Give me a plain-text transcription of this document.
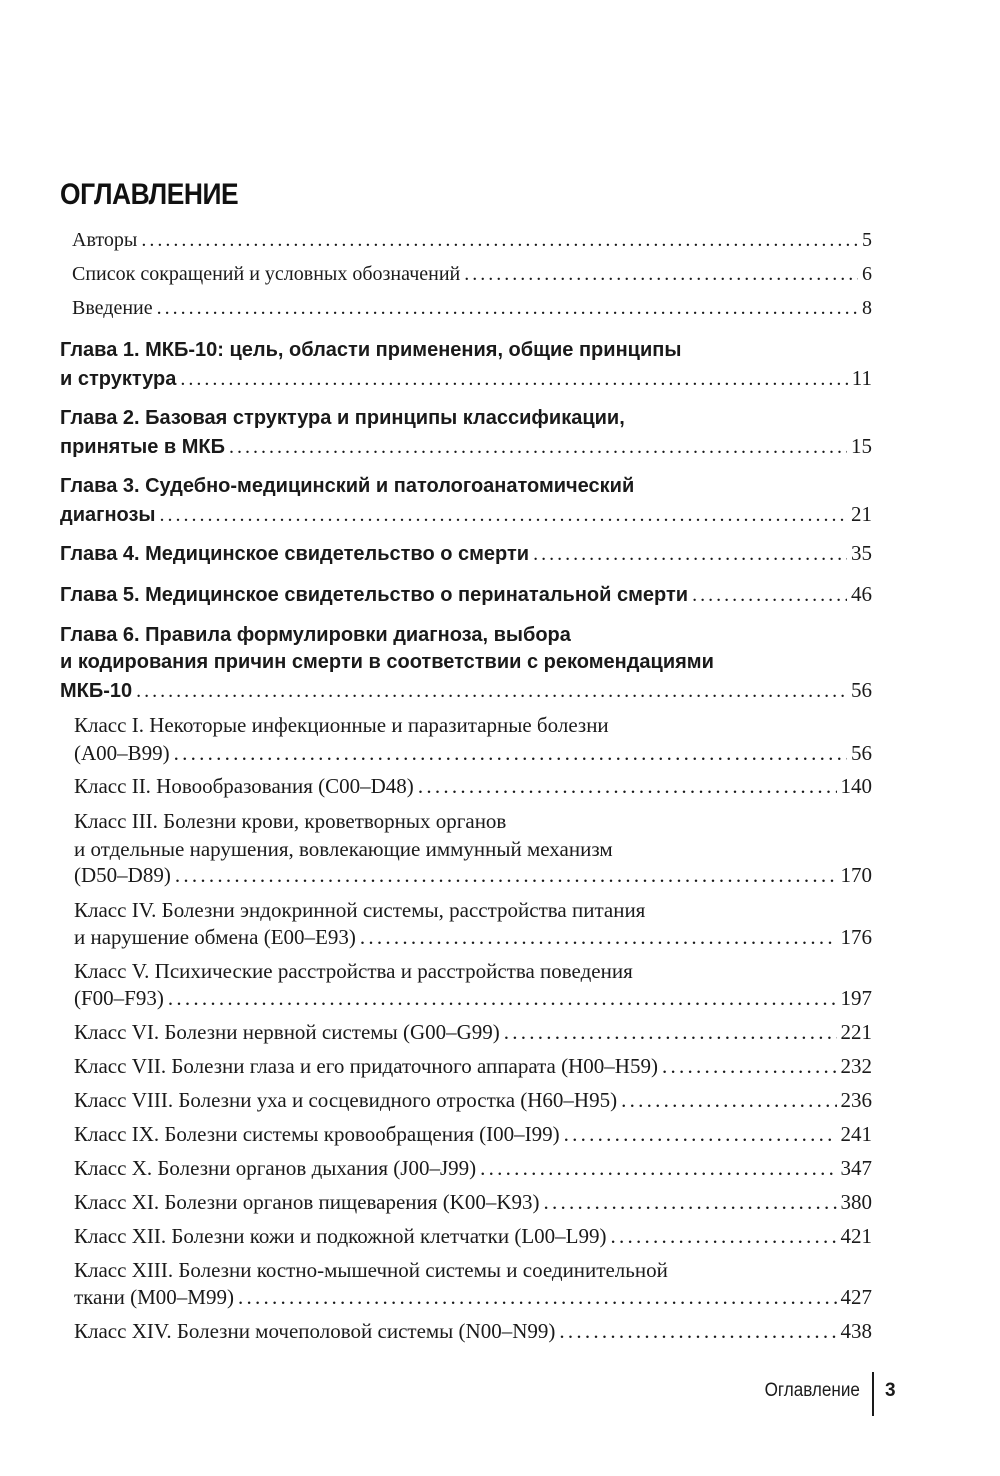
ОГЛАВЛЕНИЕ
Авторы . . .	5
Список сокращений и условных обозначений . . .	6
Введение . . .	8
Глава 1. МКБ-10: цель, области применения, общие принципы
и структура . . .	11
Глава 2. Базовая структура и принципы классификации,
принятые в МКБ . . .	15
Глава 3. Судебно-медицинский и патологоанатомический
диагнозы . . .	21
Глава 4. Медицинское свидетельство о смерти . . .	35
Глава 5. Медицинское свидетельство о перинатальной смерти . . .	46
Глава 6. Правила формулировки диагноза, выбора
и кодирования причин смерти в соответствии с рекомендациями
МКБ-10 . . .	56
Класс I. Некоторые инфекционные и паразитарные болезни
(A00–B99) . . .	56
Класс II. Новообразования (C00–D48) . . .	140
Класс III. Болезни крови, кроветворных органов
и отдельные нарушения, вовлекающие иммунный механизм
(D50–D89) . . .	170
Класс IV. Болезни эндокринной системы, расстройства питания
и нарушение обмена (E00–E93) . . .	176
Класс V. Психические расстройства и расстройства поведения
(F00–F93) . . .	197
Класс VI. Болезни нервной системы (G00–G99) . . .	221
Класс VII. Болезни глаза и его придаточного аппарата (H00–H59) . . .	232
Класс VIII. Болезни уха и сосцевидного отростка (H60–H95) . . .	236
Класс IX. Болезни системы кровообращения (I00–I99) . . .	241
Класс X. Болезни органов дыхания (J00–J99) . . .	347
Класс XI. Болезни органов пищеварения (K00–K93) . . .	380
Класс XII. Болезни кожи и подкожной клетчатки (L00–L99) . . .	421
Класс XIII. Болезни костно-мышечной системы и соединительной
ткани (M00–M99) . . .	427
Класс XIV. Болезни мочеполовой системы (N00–N99) . . .	438
Оглавление 3
